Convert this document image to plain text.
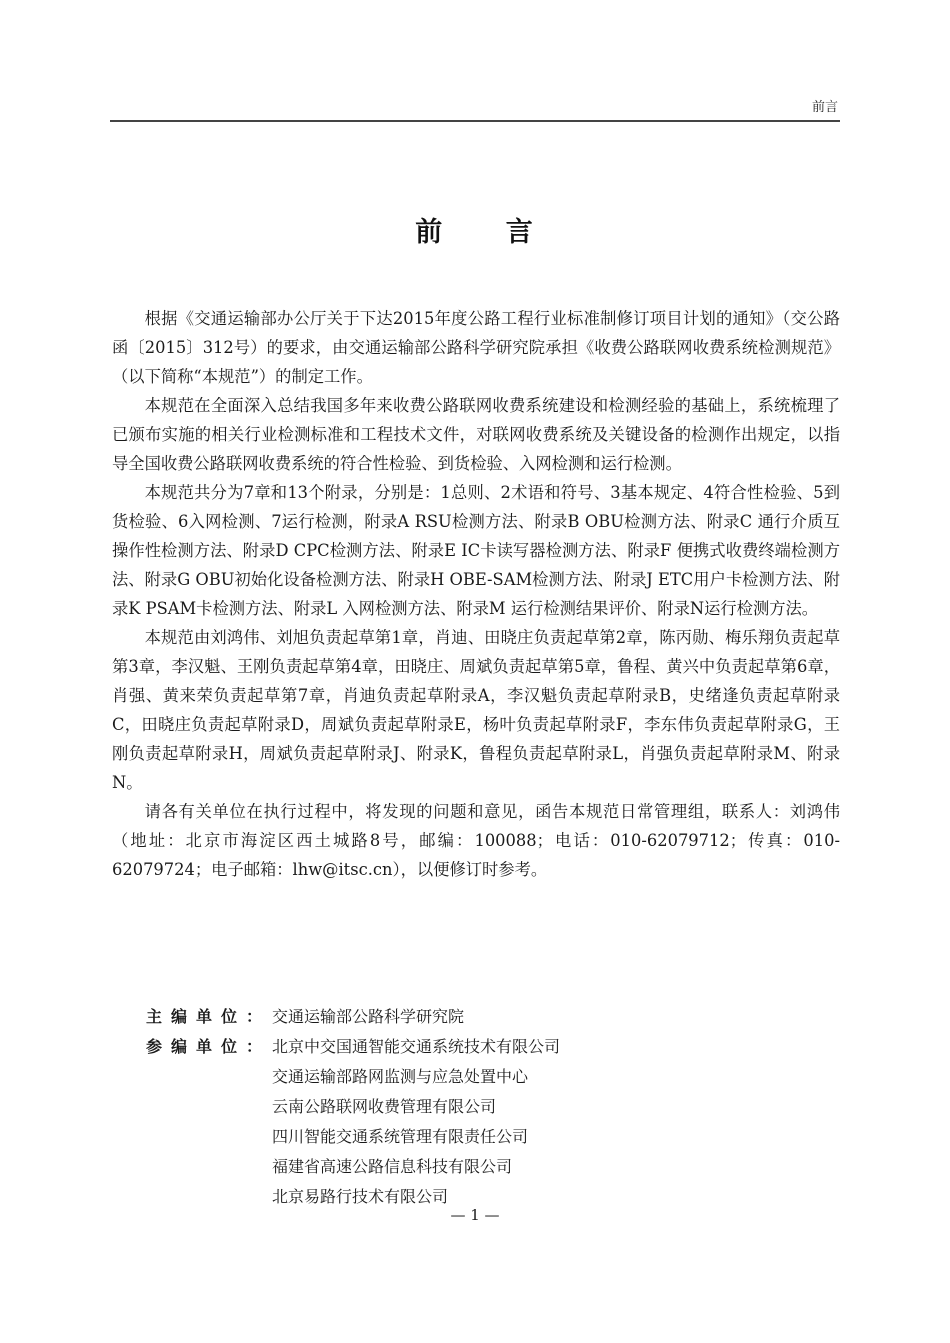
前言
前 言

根据《交通运输部办公厅关于下达2015年度公路工程行业标准制修订项目计划的通知》（交公路函〔2015〕312号）的要求，由交通运输部公路科学研究院承担《收费公路联网收费系统检测规范》（以下简称“本规范”）的制定工作。

本规范在全面深入总结我国多年来收费公路联网收费系统建设和检测经验的基础上，系统梳理了已颁布实施的相关行业检测标准和工程技术文件，对联网收费系统及关键设备的检测作出规定，以指导全国收费公路联网收费系统的符合性检验、到货检验、入网检测和运行检测。

本规范共分为7章和13个附录，分别是：1总则、2术语和符号、3基本规定、4符合性检验、5到货检验、6入网检测、7运行检测，附录A RSU检测方法、附录B OBU检测方法、附录C 通行介质互操作性检测方法、附录D CPC检测方法、附录E IC卡读写器检测方法、附录F 便携式收费终端检测方法、附录G OBU初始化设备检测方法、附录H OBE-SAM检测方法、附录J ETC用户卡检测方法、附录K PSAM卡检测方法、附录L 入网检测方法、附录M 运行检测结果评价、附录N运行检测方法。

本规范由刘鸿伟、刘旭负责起草第1章，肖迪、田晓庄负责起草第2章，陈丙勋、梅乐翔负责起草第3章，李汉魁、王刚负责起草第4章，田晓庄、周斌负责起草第5章，鲁程、黄兴中负责起草第6章，肖强、黄来荣负责起草第7章，肖迪负责起草附录A，李汉魁负责起草附录B，史绪逢负责起草附录C，田晓庄负责起草附录D，周斌负责起草附录E，杨叶负责起草附录F，李东伟负责起草附录G，王刚负责起草附录H，周斌负责起草附录J、附录K，鲁程负责起草附录L，肖强负责起草附录M、附录N。

请各有关单位在执行过程中，将发现的问题和意见，函告本规范日常管理组，联系人：刘鸿伟（地址：北京市海淀区西土城路8号，邮编：100088；电话：010-62079712；传真：010-62079724；电子邮箱：lhw@itsc.cn），以便修订时参考。

主编单位： 交通运输部公路科学研究院
参编单位： 北京中交国通智能交通系统技术有限公司
交通运输部路网监测与应急处置中心
云南公路联网收费管理有限公司
四川智能交通系统管理有限责任公司
福建省高速公路信息科技有限公司
北京易路行技术有限公司
— 1 —
